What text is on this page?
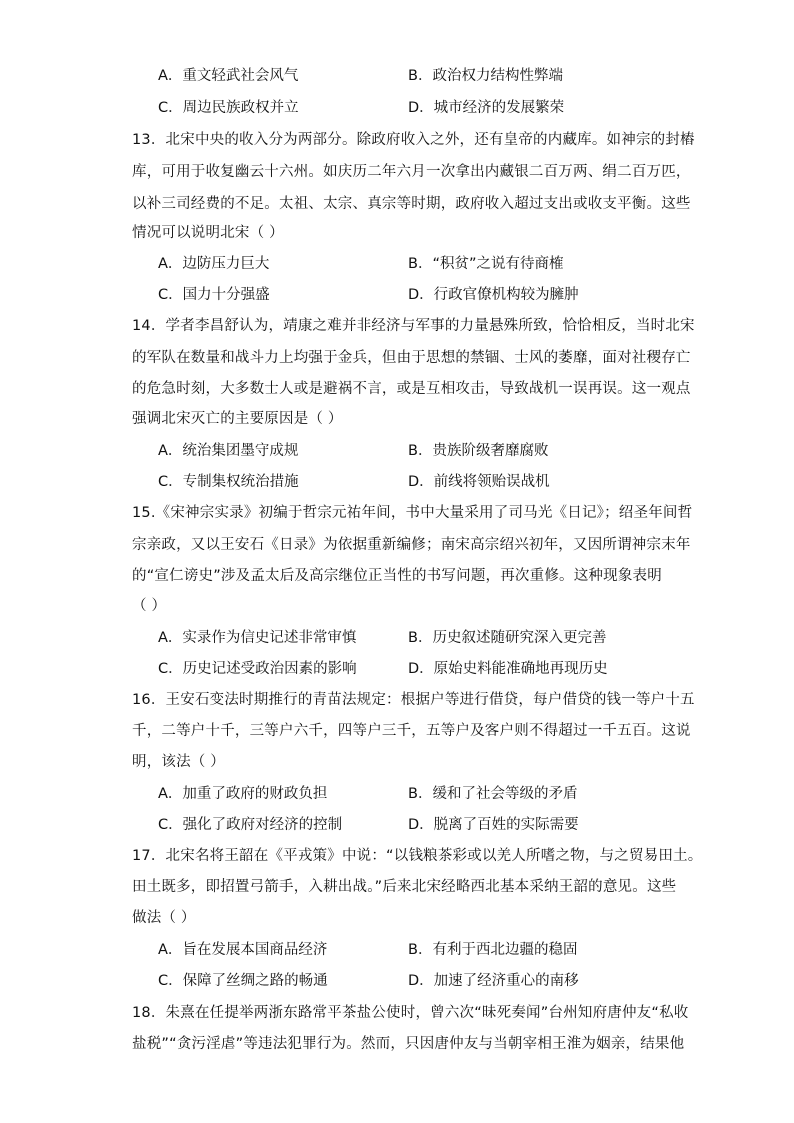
A．重文轻武社会风气	B．政治权力结构性弊端
C．周边民族政权并立	D．城市经济的发展繁荣
13．北宋中央的收入分为两部分。除政府收入之外，还有皇帝的内藏库。如神宗的封樁
库，可用于收复幽云十六州。如庆历二年六月一次拿出内藏银二百万两、绢二百万匹，
以补三司经费的不足。太祖、太宗、真宗等时期，政府收入超过支出或收支平衡。这些
情况可以说明北宋（ ）
A．边防压力巨大	B．“积贫”之说有待商榷
C．国力十分强盛	D．行政官僚机构较为臃肿
14．学者李昌舒认为，靖康之难并非经济与军事的力量悬殊所致，恰恰相反，当时北宋
的军队在数量和战斗力上均强于金兵，但由于思想的禁锢、士风的萎靡，面对社稷存亡
的危急时刻，大多数士人或是避祸不言，或是互相攻击，导致战机一误再误。这一观点
强调北宋灭亡的主要原因是（ ）
A．统治集团墨守成规	B．贵族阶级奢靡腐败
C．专制集权统治措施	D．前线将领贻误战机
15.《宋神宗实录》初编于哲宗元祐年间，书中大量采用了司马光《日记》；绍圣年间哲
宗亲政，又以王安石《日录》为依据重新编修；南宋高宗绍兴初年，又因所谓神宗末年
的“宣仁谤史”涉及孟太后及高宗继位正当性的书写问题，再次重修。这种现象表明
（ ）
A．实录作为信史记述非常审慎	B．历史叙述随研究深入更完善
C．历史记述受政治因素的影响	D．原始史料能准确地再现历史
16．王安石变法时期推行的青苗法规定：根据户等进行借贷，每户借贷的钱一等户十五
千，二等户十千，三等户六千，四等户三千，五等户及客户则不得超过一千五百。这说
明，该法（ ）
A．加重了政府的财政负担	B．缓和了社会等级的矛盾
C．强化了政府对经济的控制	D．脱离了百姓的实际需要
17．北宋名将王韶在《平戎策》中说：“以钱粮茶彩或以羌人所嗜之物，与之贸易田土。
田土既多，即招置弓箭手，入耕出战。”后来北宋经略西北基本采纳王韶的意见。这些
做法（ ）
A．旨在发展本国商品经济	B．有利于西北边疆的稳固
C．保障了丝绸之路的畅通	D．加速了经济重心的南移
18．朱熹在任提举两浙东路常平茶盐公使时，曾六次“昧死奏闻”台州知府唐仲友“私收
盐税”“贪污淫虐”等违法犯罪行为。然而，只因唐仲友与当朝宰相王淮为姻亲，结果他
